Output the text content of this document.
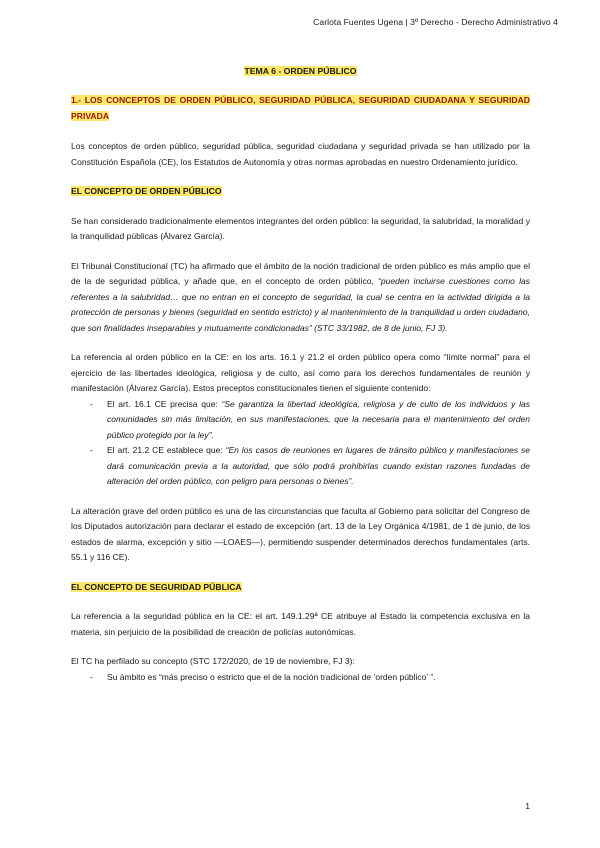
Carlota Fuentes Ugena | 3º Derecho - Derecho Administrativo 4

TEMA 6 - ORDEN PÚBLICO

1.- LOS CONCEPTOS DE ORDEN PÚBLICO, SEGURIDAD PÚBLICA, SEGURIDAD CIUDADANA Y SEGURIDAD PRIVADA

Los conceptos de orden público, seguridad pública, seguridad ciudadana y seguridad privada se han utilizado por la Constitución Española (CE), los Estatutos de Autonomía y otras normas aprobadas en nuestro Ordenamiento jurídico.

EL CONCEPTO DE ORDEN PÚBLICO

Se han considerado tradicionalmente elementos integrantes del orden público: la seguridad, la salubridad, la moralidad y la tranquilidad públicas (Álvarez García).

El Tribunal Constitucional (TC) ha afirmado que el ámbito de la noción tradicional de orden público es más amplio que el de la de seguridad pública, y añade que, en el concepto de orden público, “pueden incluirse cuestiones como las referentes a la salubridad… que no entran en el concepto de seguridad, la cual se centra en la actividad dirigida a la protección de personas y bienes (seguridad en sentido estricto) y al mantenimiento de la tranquilidad u orden ciudadano, que son finalidades inseparables y mutuamente condicionadas” (STC 33/1982, de 8 de junio, FJ 3).

La referencia al orden público en la CE: en los arts. 16.1 y 21.2 el orden público opera como “límite normal” para el ejercicio de las libertades ideológica, religiosa y de culto, así como para los derechos fundamentales de reunión y manifestación (Álvarez García). Estos preceptos constitucionales tienen el siguiente contenido:

- El art. 16.1 CE precisa que: “Se garantiza la libertad ideológica, religiosa y de culto de los individuos y las comunidades sin más limitación, en sus manifestaciones, que la necesaria para el mantenimiento del orden público protegido por la ley”.
- El art. 21.2 CE establece que: “En los casos de reuniones en lugares de tránsito público y manifestaciones se dará comunicación previa a la autoridad, que sólo podrá prohibirlas cuando existan razones fundadas de alteración del orden público, con peligro para personas o bienes”.

La alteración grave del orden público es una de las circunstancias que faculta al Gobierno para solicitar del Congreso de los Diputados autorización para declarar el estado de excepción (art. 13 de la Ley Orgánica 4/1981, de 1 de junio, de los estados de alarma, excepción y sitio —LOAES—), permitiendo suspender determinados derechos fundamentales (arts. 55.1 y 116 CE).

EL CONCEPTO DE SEGURIDAD PÚBLICA

La referencia a la seguridad pública en la CE: el art. 149.1.29ª CE atribuye al Estado la competencia exclusiva en la materia, sin perjuicio de la posibilidad de creación de policías autonómicas.

El TC ha perfilado su concepto (STC 172/2020, de 19 de noviembre, FJ 3):

- Su ámbito es “más preciso o estricto que el de la noción tradicional de ‘orden público’ ”.
1
